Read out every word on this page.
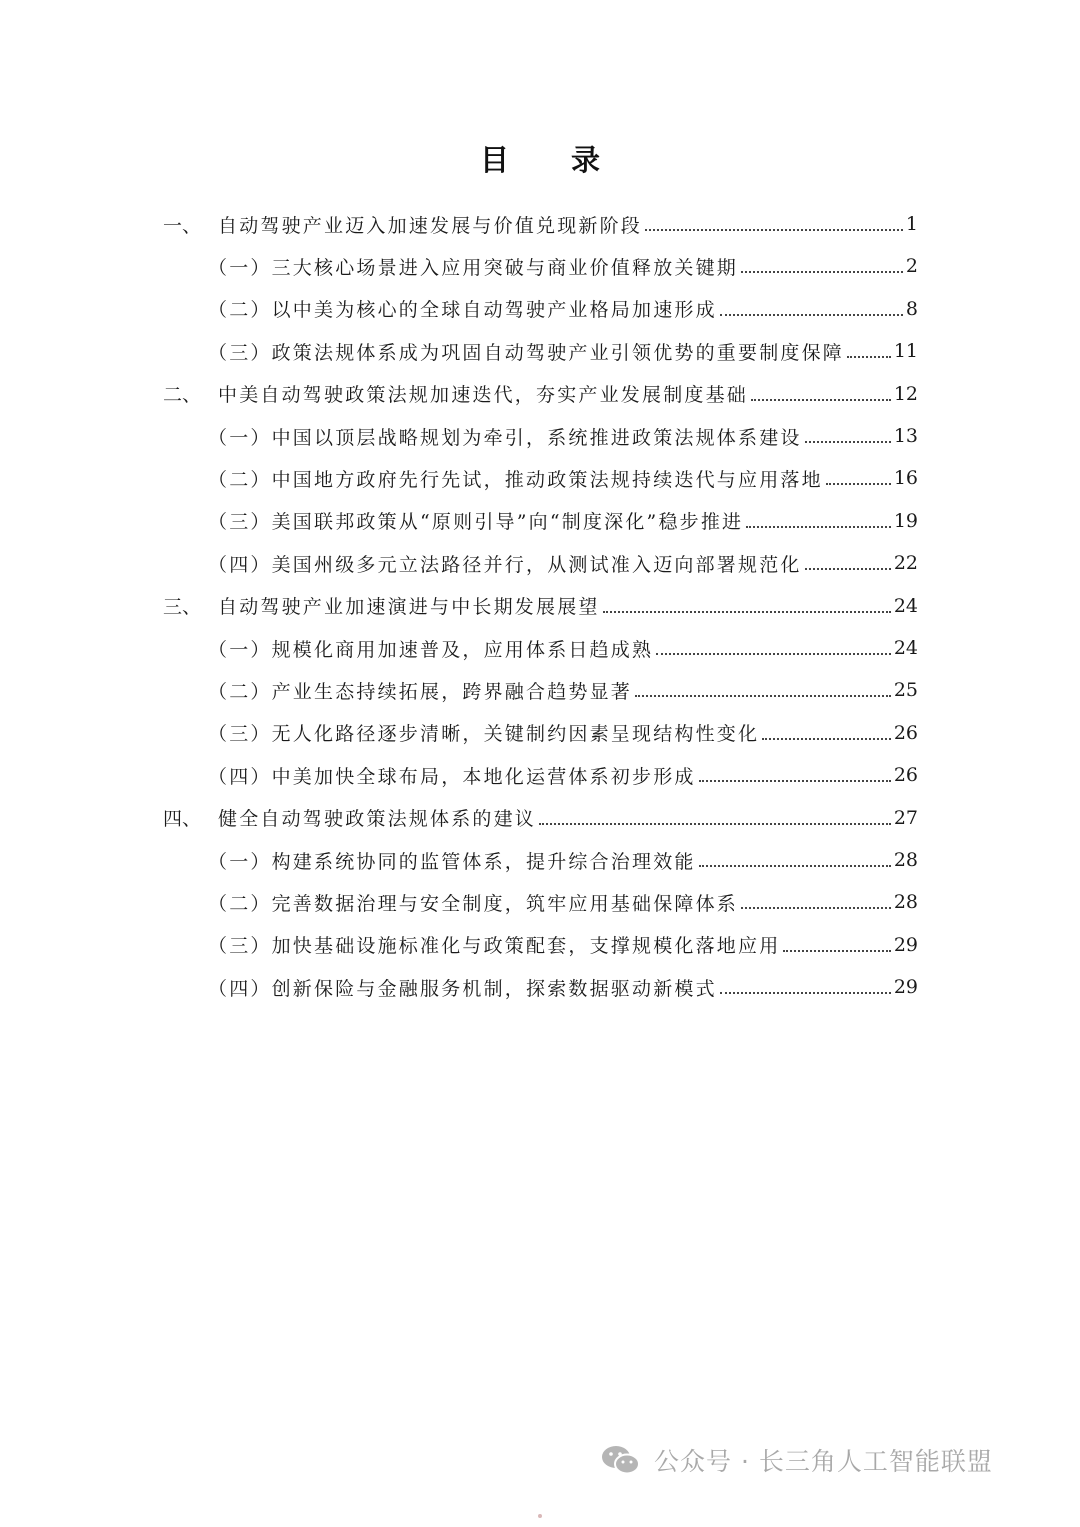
目 录
一、 自动驾驶产业迈入加速发展与价值兑现新阶段	1
（一）三大核心场景进入应用突破与商业价值释放关键期	2
（二）以中美为核心的全球自动驾驶产业格局加速形成	8
（三）政策法规体系成为巩固自动驾驶产业引领优势的重要制度保障	11
二、 中美自动驾驶政策法规加速迭代，夯实产业发展制度基础	12
（一）中国以顶层战略规划为牵引，系统推进政策法规体系建设	13
（二）中国地方政府先行先试，推动政策法规持续迭代与应用落地	16
（三）美国联邦政策从“原则引导”向“制度深化”稳步推进	19
（四）美国州级多元立法路径并行，从测试准入迈向部署规范化	22
三、 自动驾驶产业加速演进与中长期发展展望	24
（一）规模化商用加速普及，应用体系日趋成熟	24
（二）产业生态持续拓展，跨界融合趋势显著	25
（三）无人化路径逐步清晰，关键制约因素呈现结构性变化	26
（四）中美加快全球布局，本地化运营体系初步形成	26
四、 健全自动驾驶政策法规体系的建议	27
（一）构建系统协同的监管体系，提升综合治理效能	28
（二）完善数据治理与安全制度，筑牢应用基础保障体系	28
（三）加快基础设施标准化与政策配套，支撑规模化落地应用	29
（四）创新保险与金融服务机制，探索数据驱动新模式	29
公众号 · 长三角人工智能联盟
